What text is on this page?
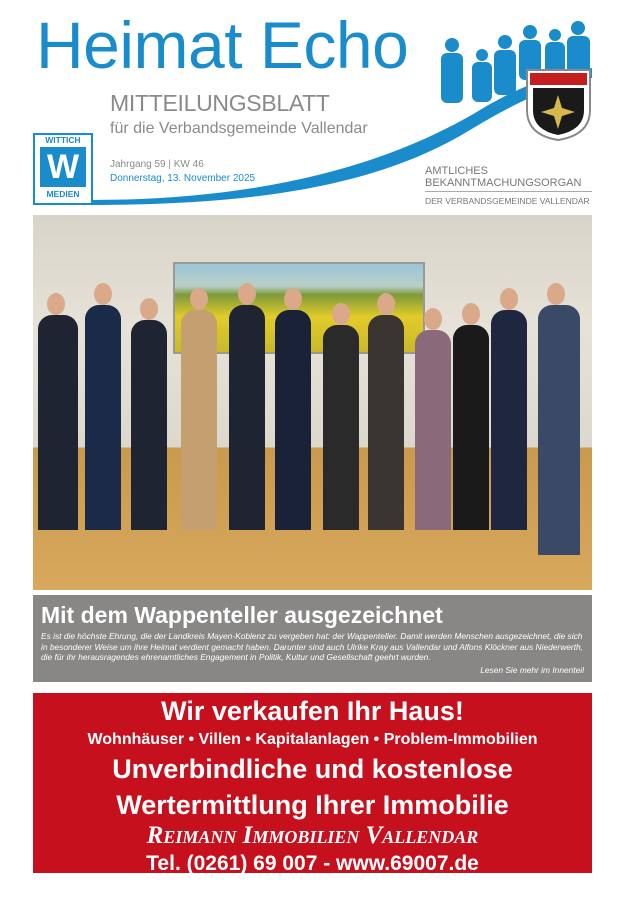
Heimat Echo
MITTEILUNGSBLATT
für die Verbandsgemeinde Vallendar
Jahrgang 59 | KW 46
Donnerstag, 13. November 2025
WITTICH
W
MEDIEN
AMTLICHES
BEKANNTMACHUNGSORGAN
DER VERBANDSGEMEINDE VALLENDAR
Mit dem Wappenteller ausgezeichnet

Es ist die höchste Ehrung, die der Landkreis Mayen-Koblenz zu vergeben hat: der Wappenteller. Damit werden Menschen ausgezeichnet, die sich in besonderer Weise um ihre Heimat verdient gemacht haben. Darunter sind auch Ulrike Kray aus Vallendar und Alfons Klöckner aus Niederwerth, die für ihr herausragendes ehrenamtliches Engagement in Politik, Kultur und Gesellschaft geehrt wurden.

Lesen Sie mehr im Innenteil

Wir verkaufen Ihr Haus!
Wohnhäuser • Villen • Kapitalanlagen • Problem-Immobilien
Unverbindliche und kostenlose
Wertermittlung Ihrer Immobilie
Reimann Immobilien Vallendar
Tel. (0261) 69 007 - www.69007.de
